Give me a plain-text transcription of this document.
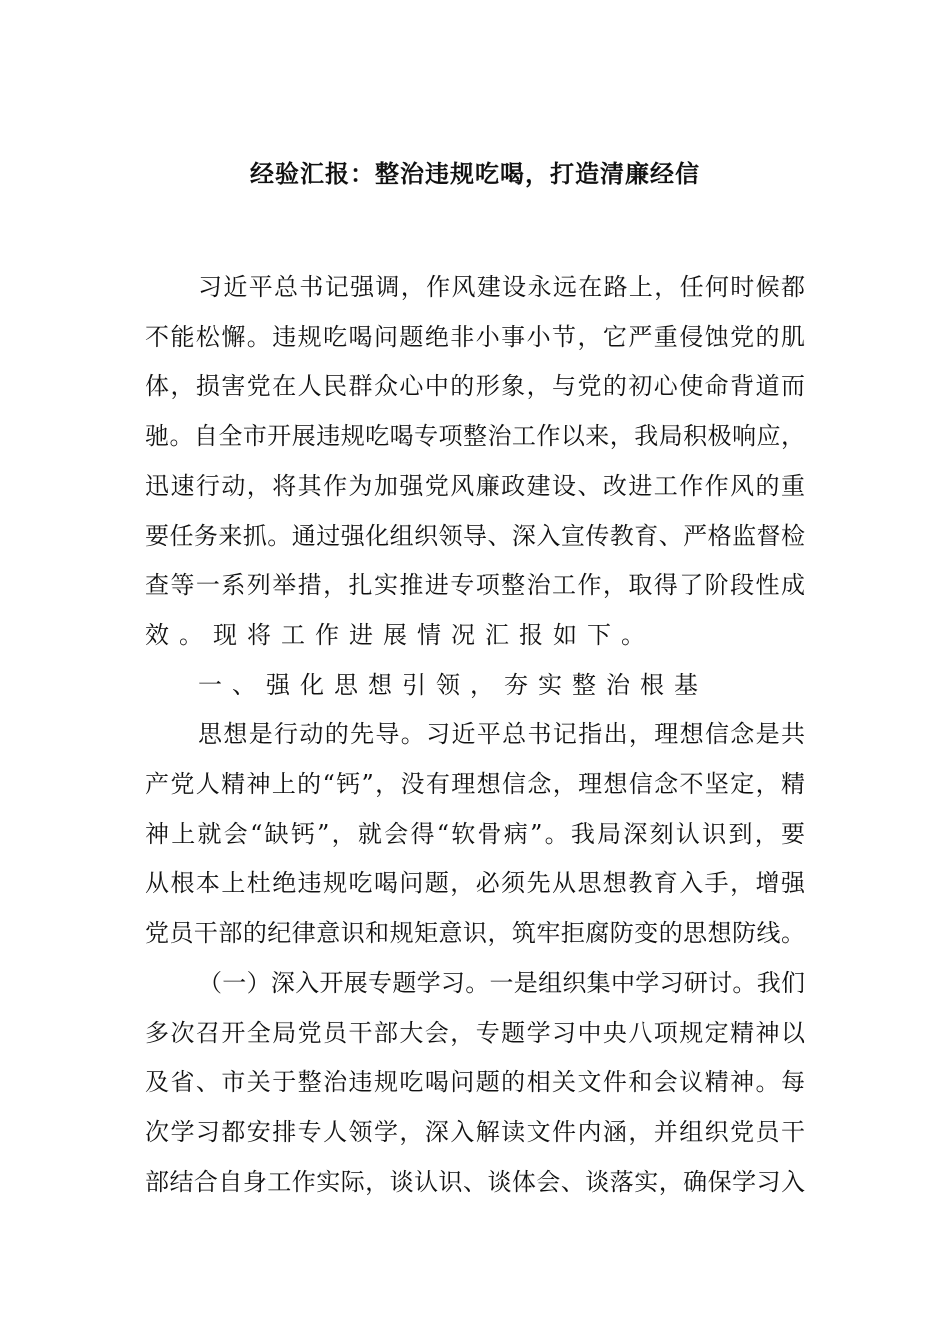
经验汇报：整治违规吃喝，打造清廉经信
习近平总书记强调，作风建设永远在路上，任何时候都
不能松懈。违规吃喝问题绝非小事小节，它严重侵蚀党的肌
体，损害党在人民群众心中的形象，与党的初心使命背道而
驰。自全市开展违规吃喝专项整治工作以来，我局积极响应，
迅速行动，将其作为加强党风廉政建设、改进工作作风的重
要任务来抓。通过强化组织领导、深入宣传教育、严格监督检
查等一系列举措，扎实推进专项整治工作，取得了阶段性成
效。现将工作进展情况汇报如下。
一、强化思想引领，夯实整治根基
思想是行动的先导。习近平总书记指出，理想信念是共
产党人精神上的“钙”，没有理想信念，理想信念不坚定，精
神上就会“缺钙”，就会得“软骨病”。我局深刻认识到，要
从根本上杜绝违规吃喝问题，必须先从思想教育入手，增强
党员干部的纪律意识和规矩意识，筑牢拒腐防变的思想防线。
（一）深入开展专题学习。一是组织集中学习研讨。我们
多次召开全局党员干部大会，专题学习中央八项规定精神以
及省、市关于整治违规吃喝问题的相关文件和会议精神。每
次学习都安排专人领学，深入解读文件内涵，并组织党员干
部结合自身工作实际，谈认识、谈体会、谈落实，确保学习入
